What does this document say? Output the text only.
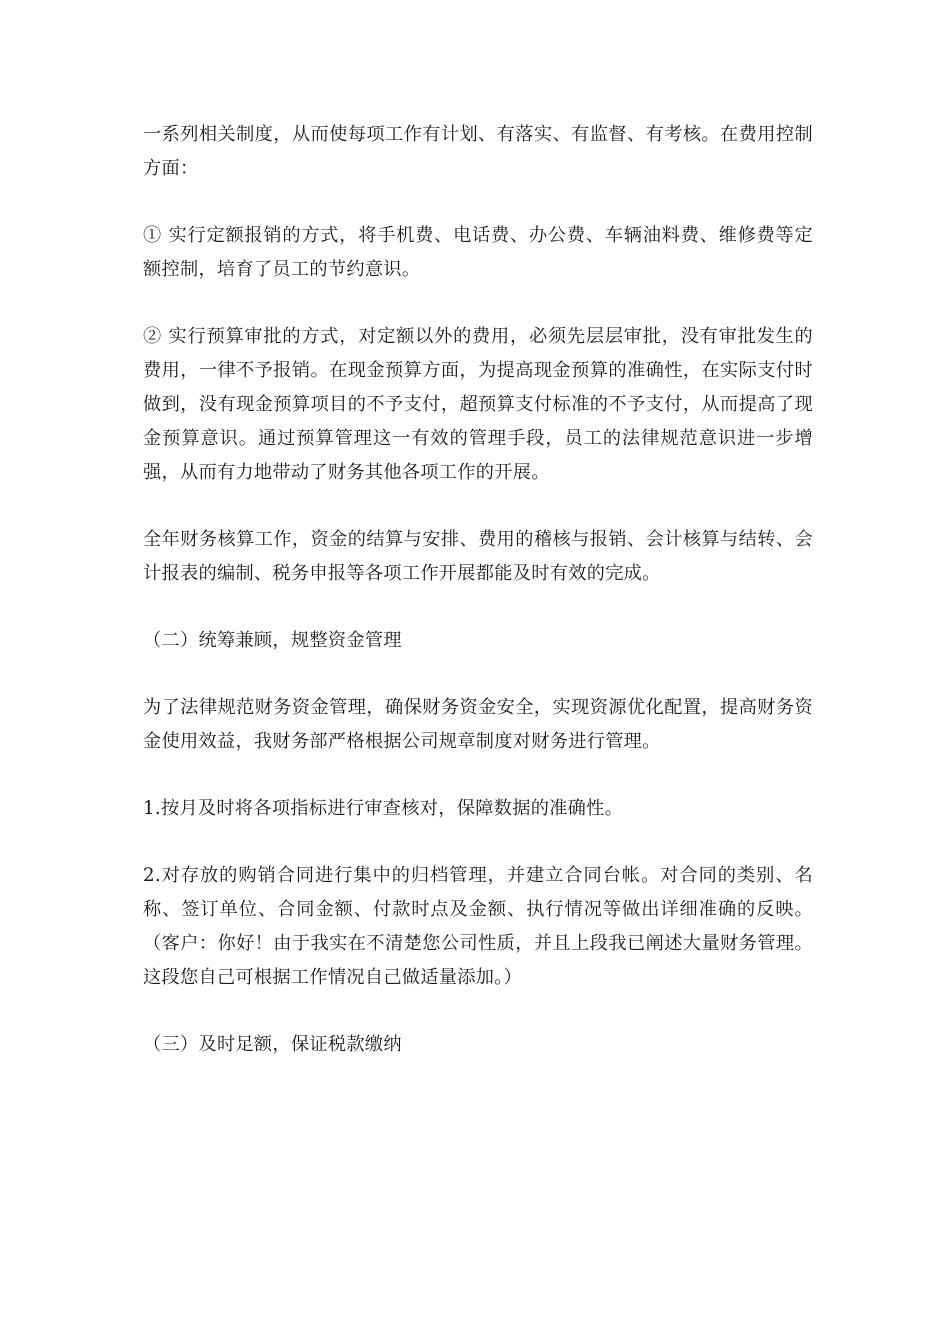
一系列相关制度，从而使每项工作有计划、有落实、有监督、有考核。在费用控制方面：

① 实行定额报销的方式，将手机费、电话费、办公费、车辆油料费、维修费等定额控制，培育了员工的节约意识。

② 实行预算审批的方式，对定额以外的费用，必须先层层审批，没有审批发生的费用，一律不予报销。在现金预算方面，为提高现金预算的准确性，在实际支付时做到，没有现金预算项目的不予支付，超预算支付标准的不予支付，从而提高了现金预算意识。通过预算管理这一有效的管理手段，员工的法律规范意识进一步增强，从而有力地带动了财务其他各项工作的开展。

全年财务核算工作，资金的结算与安排、费用的稽核与报销、会计核算与结转、会计报表的编制、税务申报等各项工作开展都能及时有效的完成。

（二）统筹兼顾，规整资金管理

为了法律规范财务资金管理，确保财务资金安全，实现资源优化配置，提高财务资金使用效益，我财务部严格根据公司规章制度对财务进行管理。

1.按月及时将各项指标进行审查核对，保障数据的准确性。

2.对存放的购销合同进行集中的归档管理，并建立合同台帐。对合同的类别、名称、签订单位、合同金额、付款时点及金额、执行情况等做出详细准确的反映。（客户：你好！由于我实在不清楚您公司性质，并且上段我已阐述大量财务管理。这段您自己可根据工作情况自己做适量添加。）

（三）及时足额，保证税款缴纳
